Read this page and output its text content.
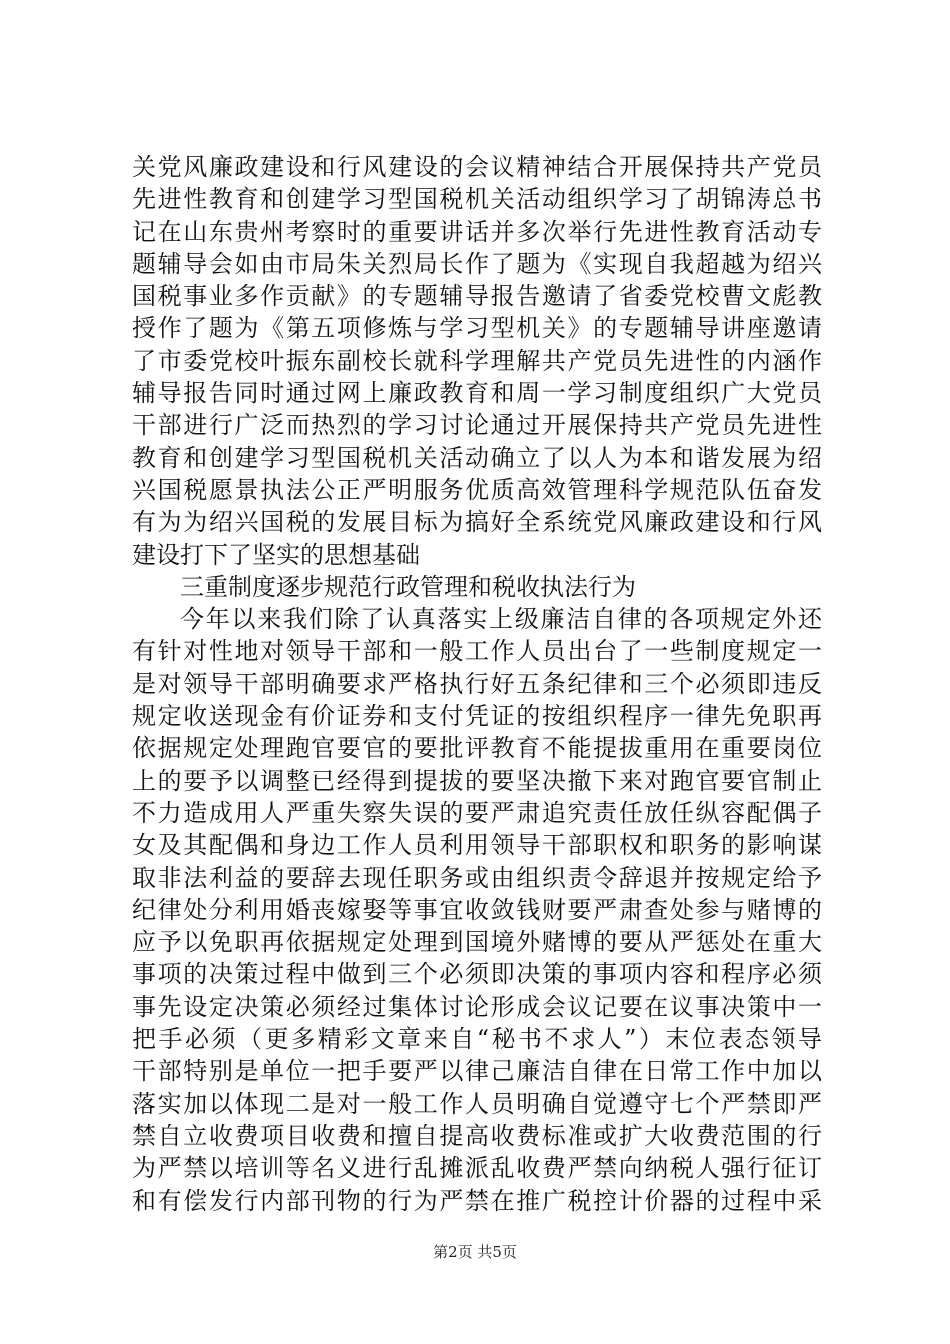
关党风廉政建设和行风建设的会议精神结合开展保持共产党员
先进性教育和创建学习型国税机关活动组织学习了胡锦涛总书
记在山东贵州考察时的重要讲话并多次举行先进性教育活动专
题辅导会如由市局朱关烈局长作了题为《实现自我超越为绍兴
国税事业多作贡献》的专题辅导报告邀请了省委党校曹文彪教
授作了题为《第五项修炼与学习型机关》的专题辅导讲座邀请
了市委党校叶振东副校长就科学理解共产党员先进性的内涵作
辅导报告同时通过网上廉政教育和周一学习制度组织广大党员
干部进行广泛而热烈的学习讨论通过开展保持共产党员先进性
教育和创建学习型国税机关活动确立了以人为本和谐发展为绍
兴国税愿景执法公正严明服务优质高效管理科学规范队伍奋发
有为为绍兴国税的发展目标为搞好全系统党风廉政建设和行风
建设打下了坚实的思想基础
三重制度逐步规范行政管理和税收执法行为
今年以来我们除了认真落实上级廉洁自律的各项规定外还
有针对性地对领导干部和一般工作人员出台了一些制度规定一
是对领导干部明确要求严格执行好五条纪律和三个必须即违反
规定收送现金有价证券和支付凭证的按组织程序一律先免职再
依据规定处理跑官要官的要批评教育不能提拔重用在重要岗位
上的要予以调整已经得到提拔的要坚决撤下来对跑官要官制止
不力造成用人严重失察失误的要严肃追究责任放任纵容配偶子
女及其配偶和身边工作人员利用领导干部职权和职务的影响谋
取非法利益的要辞去现任职务或由组织责令辞退并按规定给予
纪律处分利用婚丧嫁娶等事宜收敛钱财要严肃查处参与赌博的
应予以免职再依据规定处理到国境外赌博的要从严惩处在重大
事项的决策过程中做到三个必须即决策的事项内容和程序必须
事先设定决策必须经过集体讨论形成会议记要在议事决策中一
把手必须（更多精彩文章来自“秘书不求人”）末位表态领导
干部特别是单位一把手要严以律己廉洁自律在日常工作中加以
落实加以体现二是对一般工作人员明确自觉遵守七个严禁即严
禁自立收费项目收费和擅自提高收费标准或扩大收费范围的行
为严禁以培训等名义进行乱摊派乱收费严禁向纳税人强行征订
和有偿发行内部刊物的行为严禁在推广税控计价器的过程中采
第2页 共5页
